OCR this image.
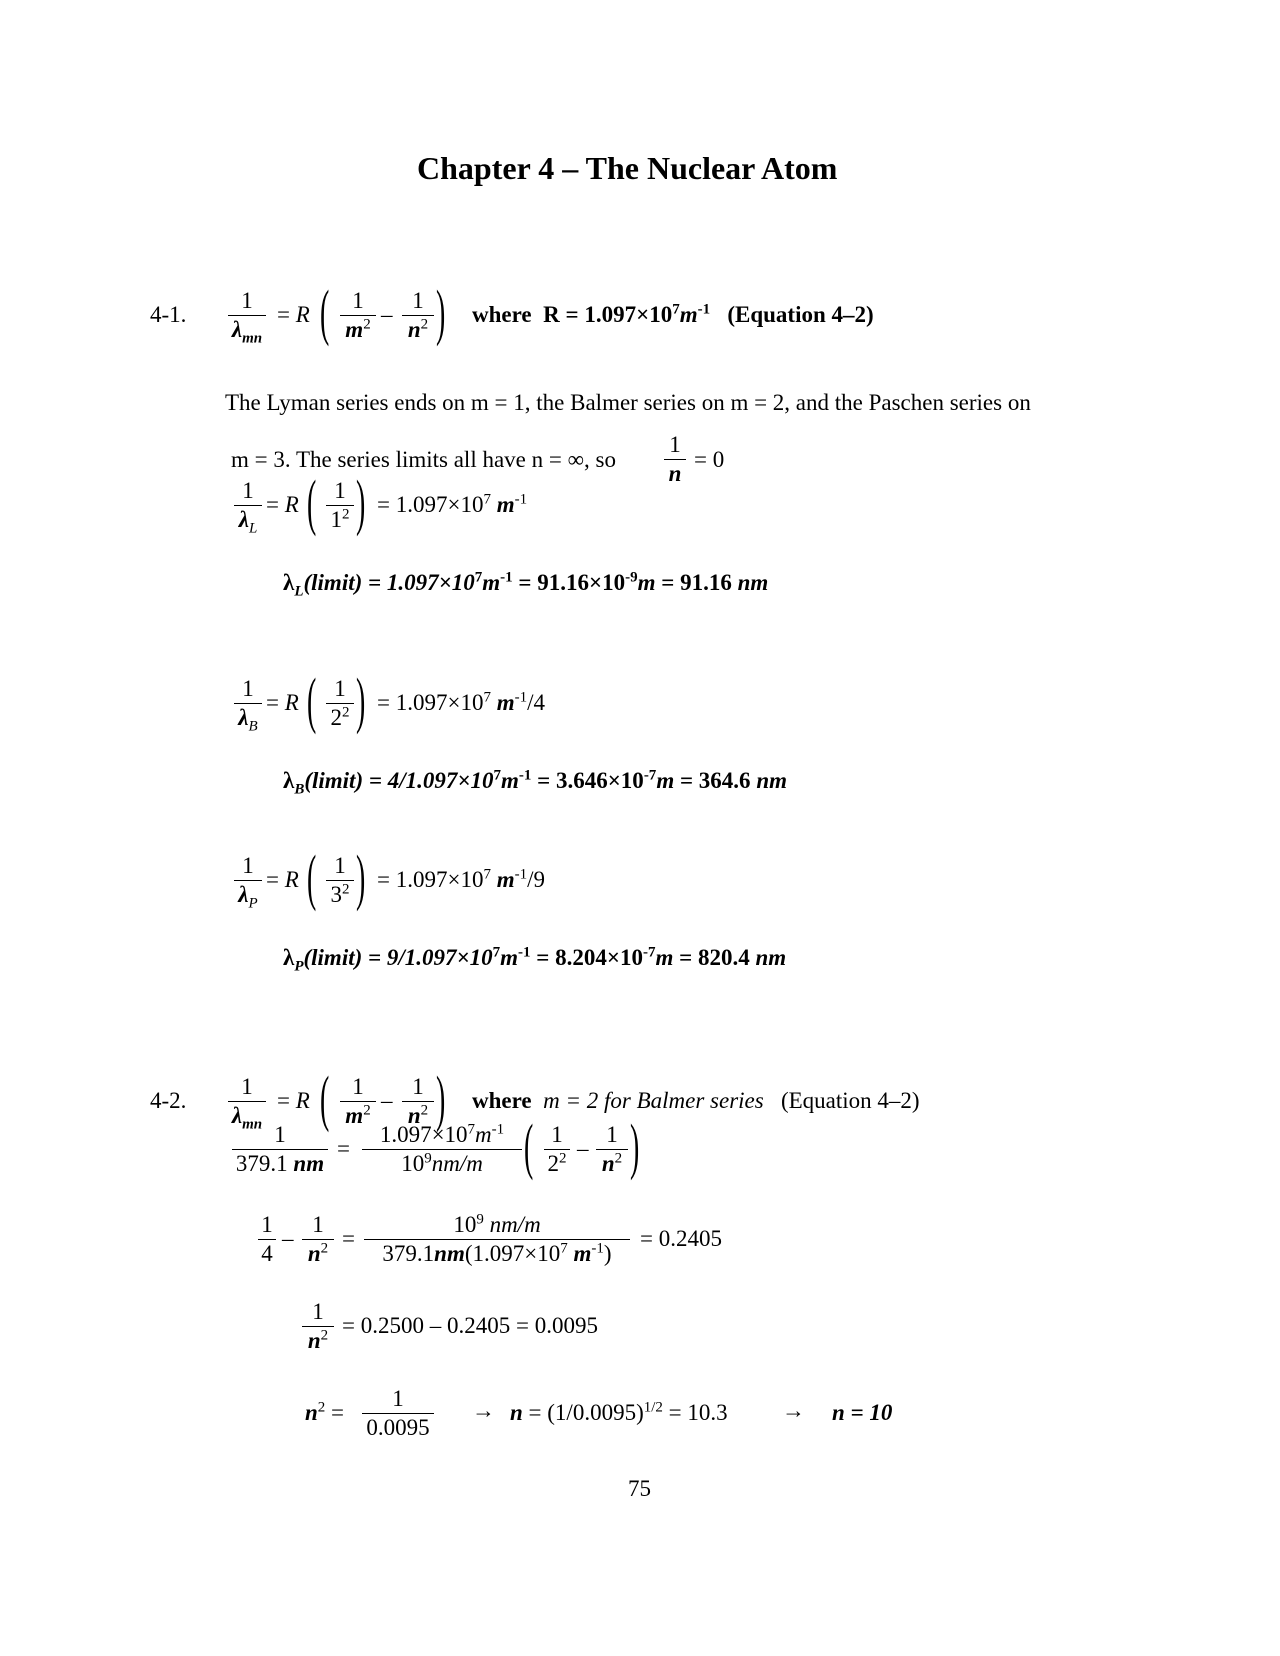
Chapter 4 – The Nuclear Atom
4-1.
1
$\lambda_{mn}$
= R ( 1
$m^2$ –
1
$n^2$ ) where $R = 1.097\times 10^7m^{-1}$ (Equation 4–2)
The Lyman series ends on m = 1, the Balmer series on m = 2, and the Paschen series on
m = 3. The series limits all have n = ∞, so
1
n
= 0
1
$\lambda_L$
= R ( 1
$1^2$ ) = $1.097\times 10^7$ $m^{-1}$
$\lambda_L(limit) = 1.097\times 10^7m^{-1} = 91.16\times 10^{-9}m = 91.16$ nm
1
$\lambda_B$
= R ( 1
$2^2$ ) = $1.097\times 10^7$ $m^{-1}/4$
$\lambda_B(limit) = 4/1.097\times 10^7m^{-1} = 3.646\times 10^{-7}m = 364.6$ nm
1
$\lambda_P$
= R ( 1
$3^2$ ) = $1.097\times 10^7$ $m^{-1}/9$
$\lambda_P(limit) = 9/1.097\times 10^7m^{-1} = 8.204\times 10^{-7}m = 820.4$ nm
4-2.
1
$\lambda_{mn}$
= R ( 1
$m^2$ –
1
$n^2$ ) where m = 2 for Balmer series (Equation 4–2)
1
379.1 nm
=
$1.097\times 10^7m^{-1}$
$10^9nm/m$ ( 1
$2^2$ –
1
$n^2$ )
1
4
–
1
$n^2$ =
$10^9$ nm/m
$379.1nm(1.097\times 10^7$ $m^{-1}$)
= 0.2405
1
$n^2 = 0.2500 - 0.2405 = 0.0095$
$n^2$ =
1
0.0095
→ $n = (1/0.0095)^{1/2} = 10.3 \to n = 10$
75
